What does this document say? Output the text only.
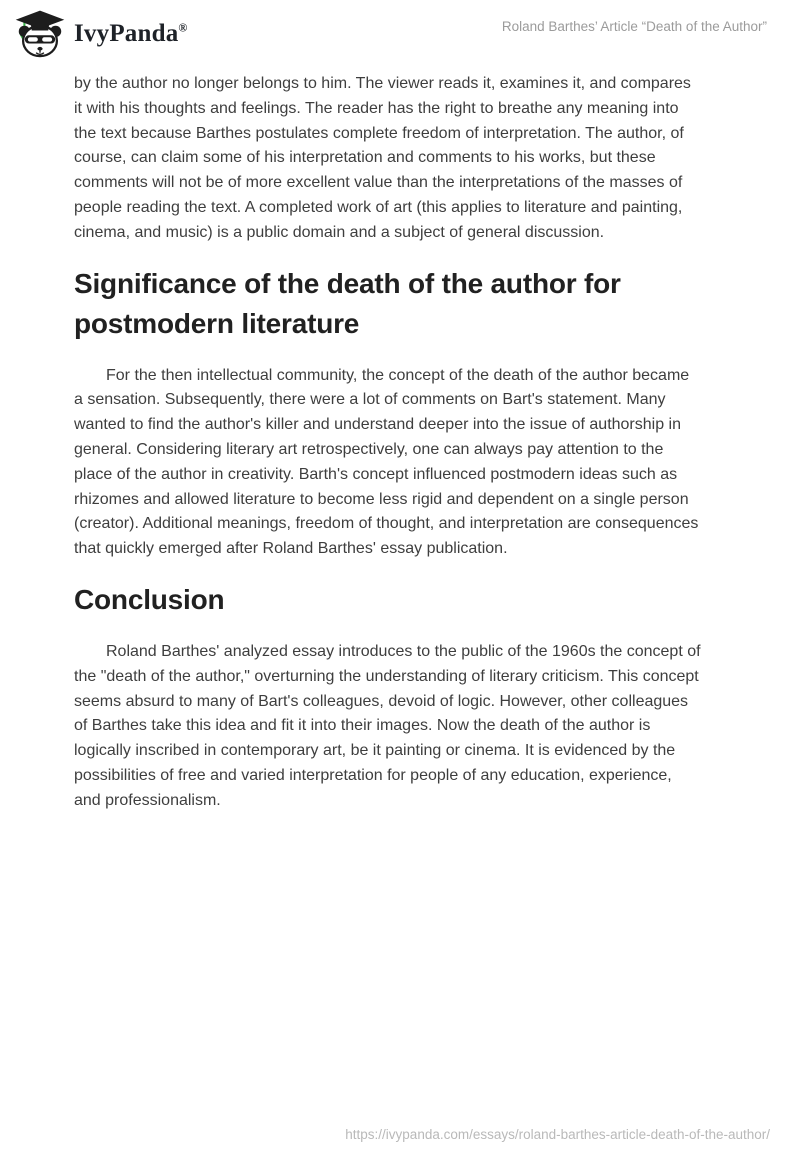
IvyPanda®	Roland Barthes’ Article “Death of the Author”

by the author no longer belongs to him. The viewer reads it, examines it, and compares it with his thoughts and feelings. The reader has the right to breathe any meaning into the text because Barthes postulates complete freedom of interpretation. The author, of course, can claim some of his interpretation and comments to his works, but these comments will not be of more excellent value than the interpretations of the masses of people reading the text. A completed work of art (this applies to literature and painting, cinema, and music) is a public domain and a subject of general discussion.

Significance of the death of the author for postmodern literature

For the then intellectual community, the concept of the death of the author became a sensation. Subsequently, there were a lot of comments on Bart's statement. Many wanted to find the author's killer and understand deeper into the issue of authorship in general. Considering literary art retrospectively, one can always pay attention to the place of the author in creativity. Barth's concept influenced postmodern ideas such as rhizomes and allowed literature to become less rigid and dependent on a single person (creator). Additional meanings, freedom of thought, and interpretation are consequences that quickly emerged after Roland Barthes' essay publication.

Conclusion

Roland Barthes' analyzed essay introduces to the public of the 1960s the concept of the "death of the author," overturning the understanding of literary criticism. This concept seems absurd to many of Bart's colleagues, devoid of logic. However, other colleagues of Barthes take this idea and fit it into their images. Now the death of the author is logically inscribed in contemporary art, be it painting or cinema. It is evidenced by the possibilities of free and varied interpretation for people of any education, experience, and professionalism.

https://ivypanda.com/essays/roland-barthes-article-death-of-the-author/
